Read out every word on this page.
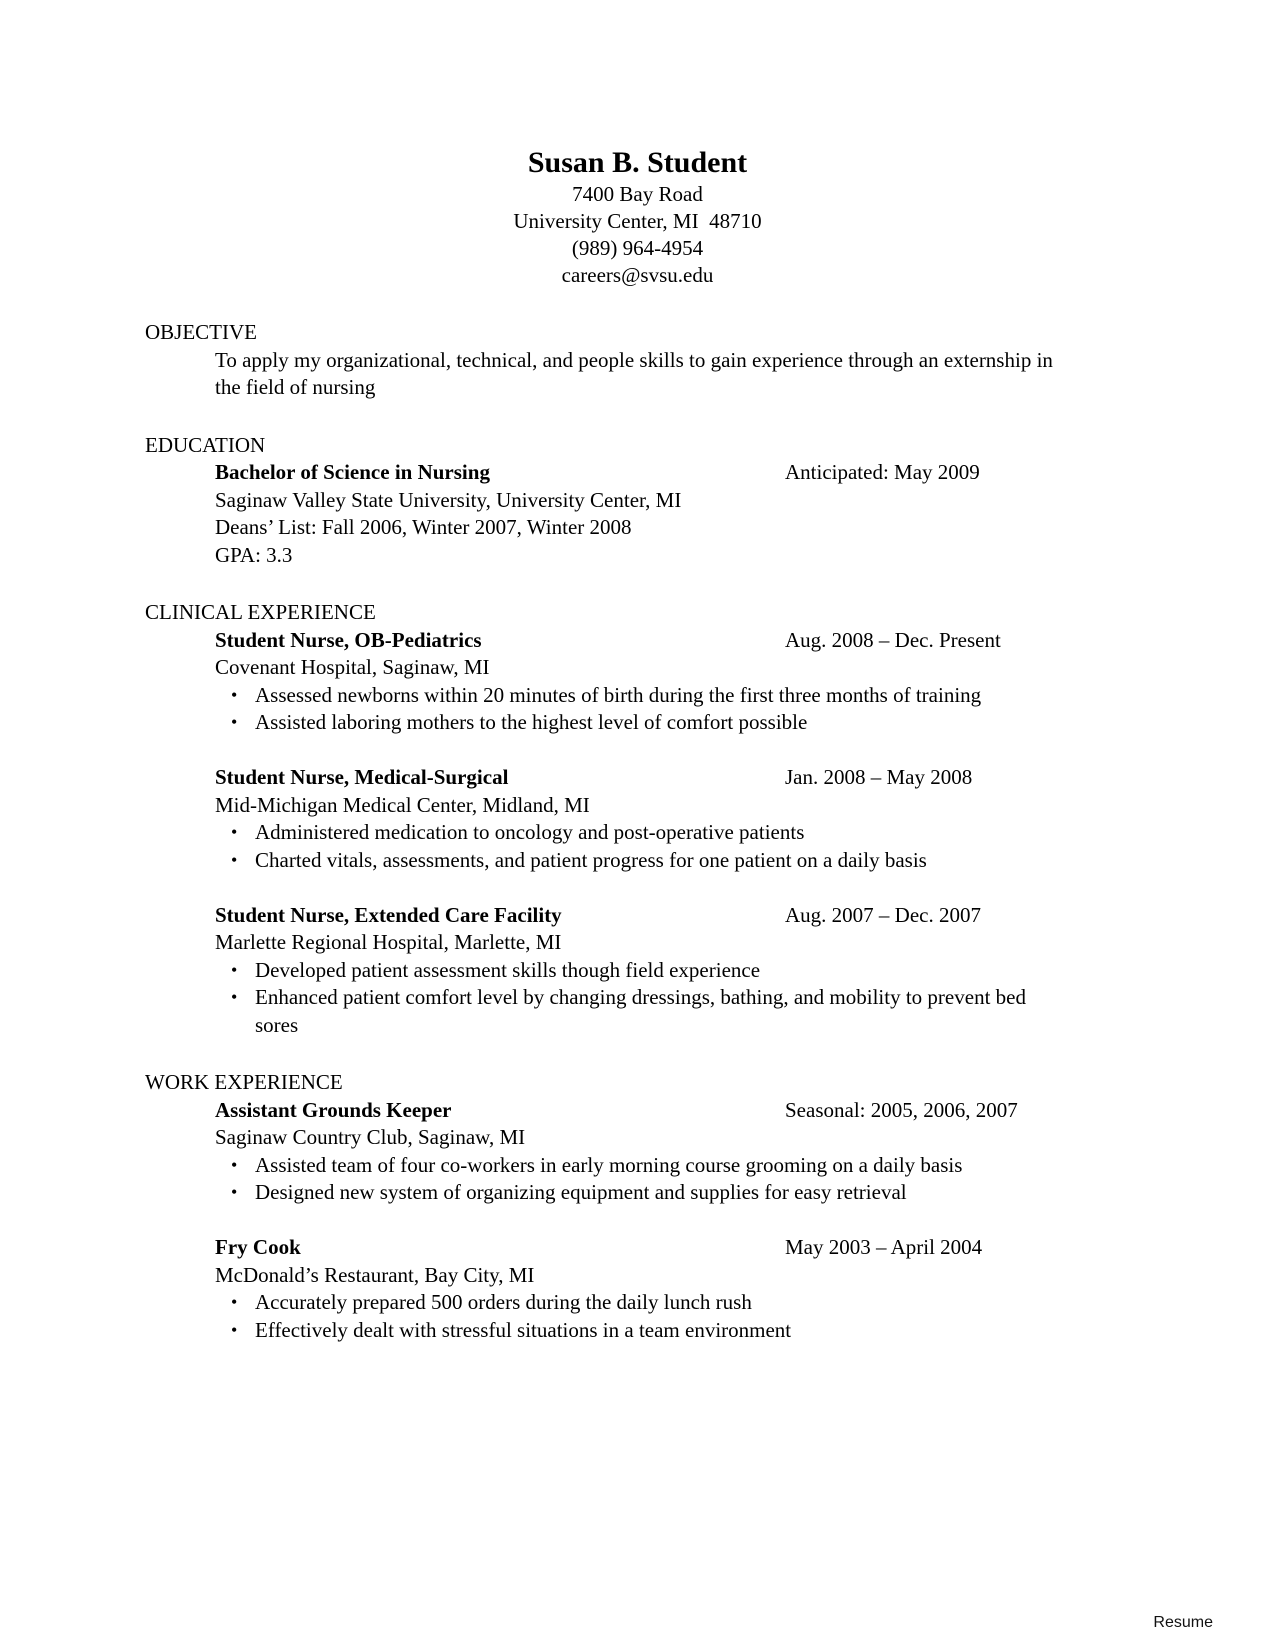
Susan B. Student
7400 Bay Road
University Center, MI  48710
(989) 964-4954
careers@svsu.edu
OBJECTIVE
To apply my organizational, technical, and people skills to gain experience through an externship in the field of nursing
EDUCATION
Bachelor of Science in Nursing	Anticipated: May 2009
Saginaw Valley State University, University Center, MI
Deans’ List: Fall 2006, Winter 2007, Winter 2008
GPA: 3.3
CLINICAL EXPERIENCE
Student Nurse, OB-Pediatrics	Aug. 2008 – Dec. Present
Covenant Hospital, Saginaw, MI
• Assessed newborns within 20 minutes of birth during the first three months of training
• Assisted laboring mothers to the highest level of comfort possible
Student Nurse, Medical-Surgical	Jan. 2008 – May 2008
Mid-Michigan Medical Center, Midland, MI
• Administered medication to oncology and post-operative patients
• Charted vitals, assessments, and patient progress for one patient on a daily basis
Student Nurse, Extended Care Facility	Aug. 2007 – Dec. 2007
Marlette Regional Hospital, Marlette, MI
• Developed patient assessment skills though field experience
• Enhanced patient comfort level by changing dressings, bathing, and mobility to prevent bed sores
WORK EXPERIENCE
Assistant Grounds Keeper	Seasonal: 2005, 2006, 2007
Saginaw Country Club, Saginaw, MI
• Assisted team of four co-workers in early morning course grooming on a daily basis
• Designed new system of organizing equipment and supplies for easy retrieval
Fry Cook	May 2003 – April 2004
McDonald’s Restaurant, Bay City, MI
• Accurately prepared 500 orders during the daily lunch rush
• Effectively dealt with stressful situations in a team environment
Resume
